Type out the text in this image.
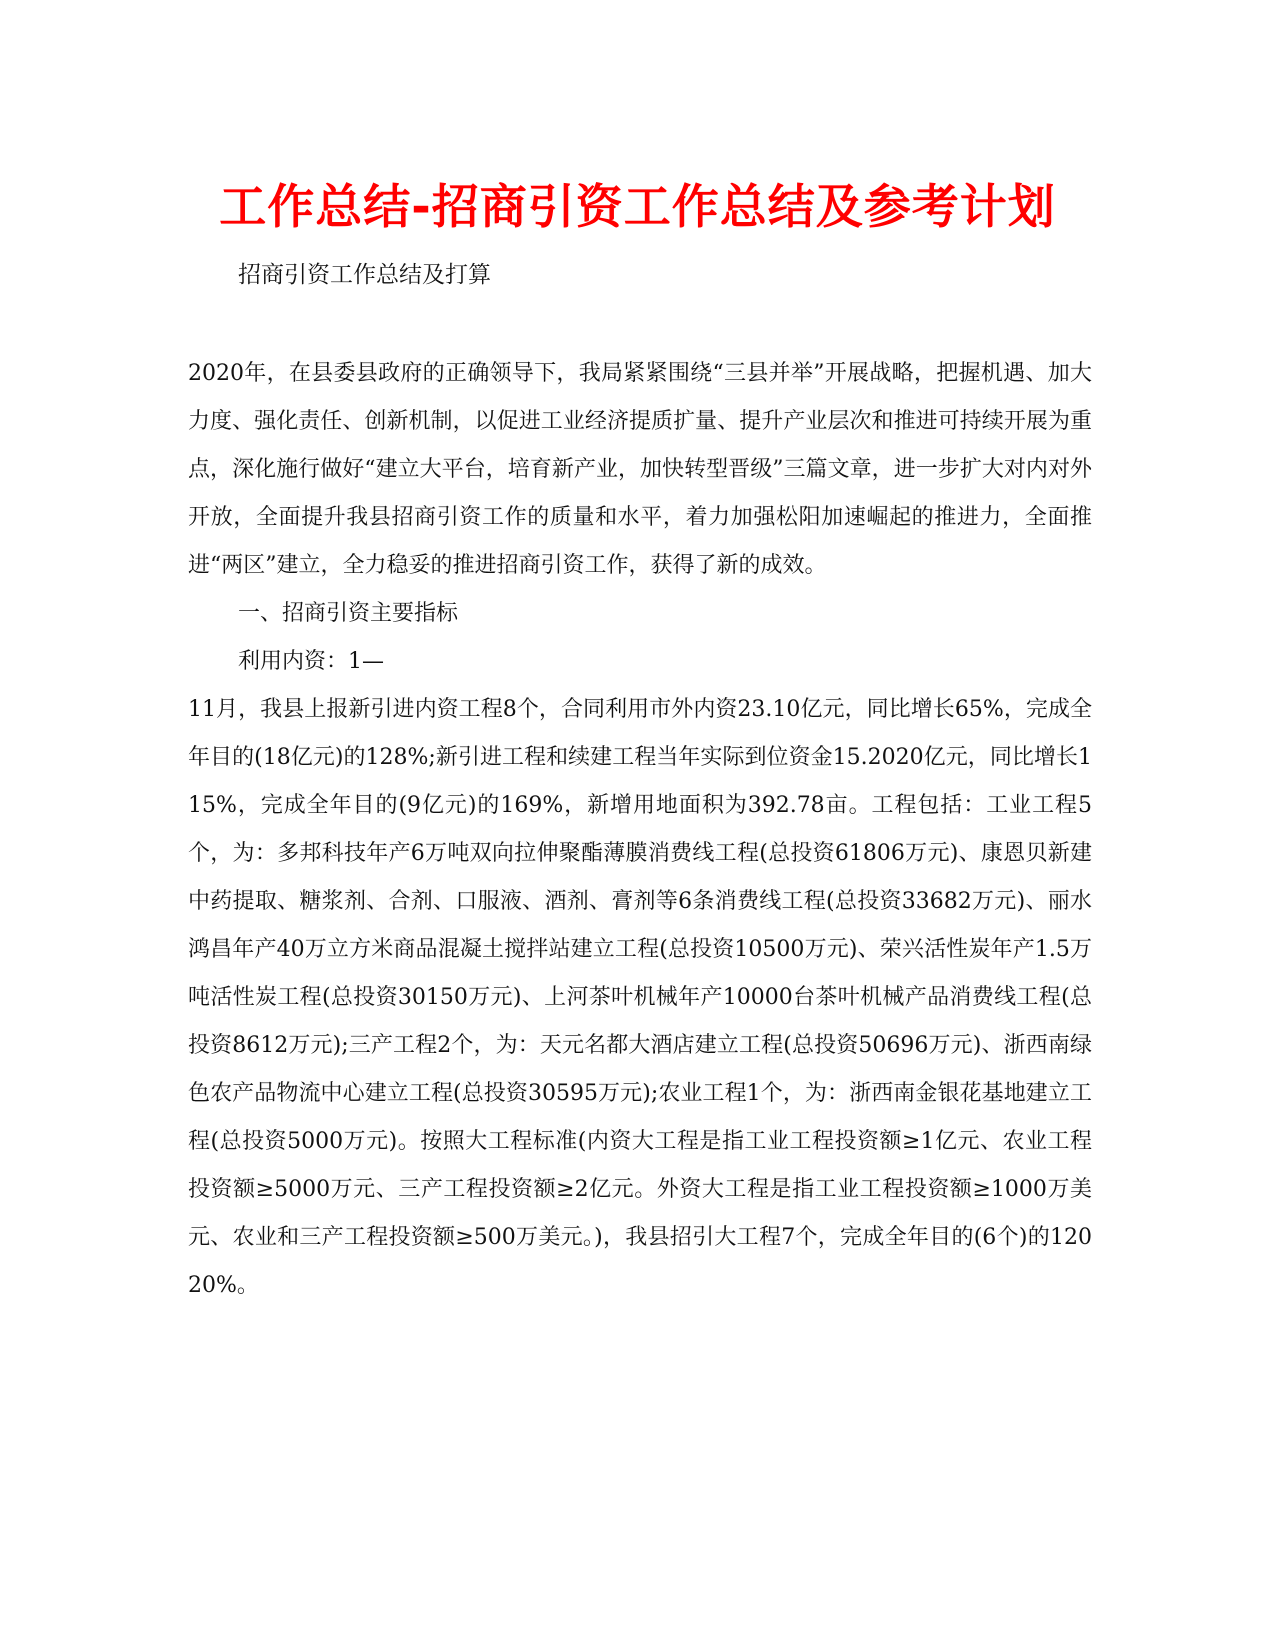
工作总结-招商引资工作总结及参考计划
招商引资工作总结及打算

2020年，在县委县政府的正确领导下，我局紧紧围绕“三县并举”开展战略，把握机遇、加大力度、强化责任、创新机制，以促进工业经济提质扩量、提升产业层次和推进可持续开展为重点，深化施行做好“建立大平台，培育新产业，加快转型晋级”三篇文章，进一步扩大对内对外开放，全面提升我县招商引资工作的质量和水平，着力加强松阳加速崛起的推进力，全面推进“两区”建立，全力稳妥的推进招商引资工作，获得了新的成效。

一、招商引资主要指标

利用内资：1—

11月，我县上报新引进内资工程8个，合同利用市外内资23.10亿元，同比增长65%，完成全年目的(18亿元)的128%;新引进工程和续建工程当年实际到位资金15.2020亿元，同比增长115%，完成全年目的(9亿元)的169%，新增用地面积为392.78亩。工程包括：工业工程5个，为：多邦科技年产6万吨双向拉伸聚酯薄膜消费线工程(总投资61806万元)、康恩贝新建中药提取、糖浆剂、合剂、口服液、酒剂、膏剂等6条消费线工程(总投资33682万元)、丽水鸿昌年产40万立方米商品混凝土搅拌站建立工程(总投资10500万元)、荣兴活性炭年产1.5万吨活性炭工程(总投资30150万元)、上河茶叶机械年产10000台茶叶机械产品消费线工程(总投资8612万元);三产工程2个，为：天元名都大酒店建立工程(总投资50696万元)、浙西南绿色农产品物流中心建立工程(总投资30595万元);农业工程1个，为：浙西南金银花基地建立工程(总投资5000万元)。按照大工程标准(内资大工程是指工业工程投资额≥1亿元、农业工程投资额≥5000万元、三产工程投资额≥2亿元。外资大工程是指工业工程投资额≥1000万美元、农业和三产工程投资额≥500万美元。)，我县招引大工程7个，完成全年目的(6个)的12020%。
